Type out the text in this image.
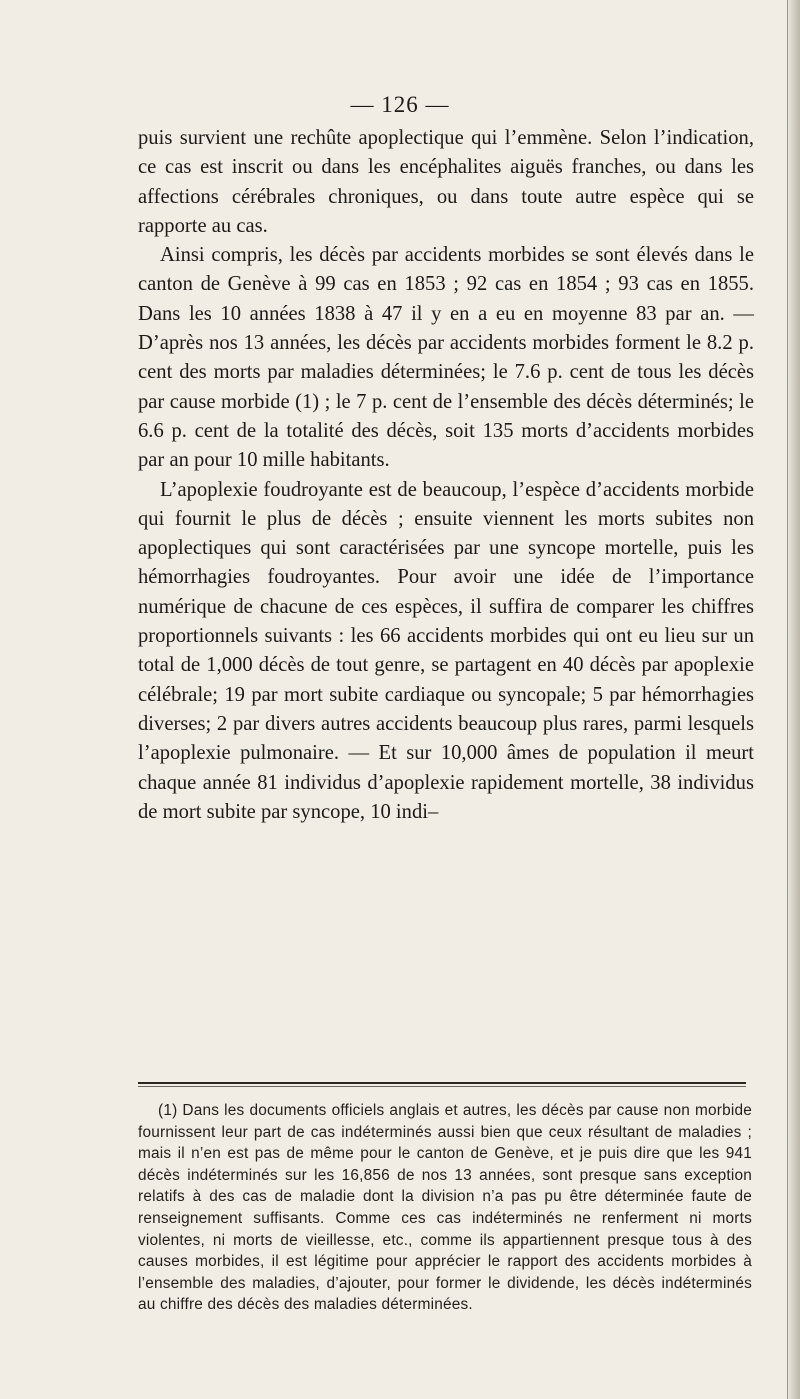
— 126 —

puis survient une rechûte apoplectique qui l’emmène. Selon l’indication, ce cas est inscrit ou dans les encéphalites aiguës franches, ou dans les affections cérébrales chroniques, ou dans toute autre espèce qui se rapporte au cas.

Ainsi compris, les décès par accidents morbides se sont élevés dans le canton de Genève à 99 cas en 1853 ; 92 cas en 1854 ; 93 cas en 1855. Dans les 10 années 1838 à 47 il y en a eu en moyenne 83 par an. — D’après nos 13 années, les décès par accidents morbides forment le 8.2 p. cent des morts par maladies déterminées; le 7.6 p. cent de tous les décès par cause morbide (1) ; le 7 p. cent de l’ensemble des décès déterminés; le 6.6 p. cent de la totalité des décès, soit 135 morts d’accidents morbides par an pour 10 mille habitants.

L’apoplexie foudroyante est de beaucoup, l’espèce d’accidents morbide qui fournit le plus de décès ; ensuite viennent les morts subites non apoplectiques qui sont caractérisées par une syncope mortelle, puis les hémorrhagies foudroyantes. Pour avoir une idée de l’importance numérique de chacune de ces espèces, il suffira de comparer les chiffres proportionnels suivants : les 66 accidents morbides qui ont eu lieu sur un total de 1,000 décès de tout genre, se partagent en 40 décès par apoplexie célébrale; 19 par mort subite cardiaque ou syncopale; 5 par hémorrhagies diverses; 2 par divers autres accidents beaucoup plus rares, parmi lesquels l’apoplexie pulmonaire. — Et sur 10,000 âmes de population il meurt chaque année 81 individus d’apoplexie rapidement mortelle, 38 individus de mort subite par syncope, 10 indi–

(1) Dans les documents officiels anglais et autres, les décès par cause non morbide fournissent leur part de cas indéterminés aussi bien que ceux résultant de maladies ; mais il n’en est pas de même pour le canton de Genève, et je puis dire que les 941 décès indéterminés sur les 16,856 de nos 13 années, sont presque sans exception relatifs à des cas de maladie dont la division n’a pas pu être déterminée faute de renseignement suffisants. Comme ces cas indéterminés ne renferment ni morts violentes, ni morts de vieillesse, etc., comme ils appartiennent presque tous à des causes morbides, il est légitime pour apprécier le rapport des accidents morbides à l’ensemble des maladies, d’ajouter, pour former le dividende, les décès indéterminés au chiffre des décès des maladies déterminées.
